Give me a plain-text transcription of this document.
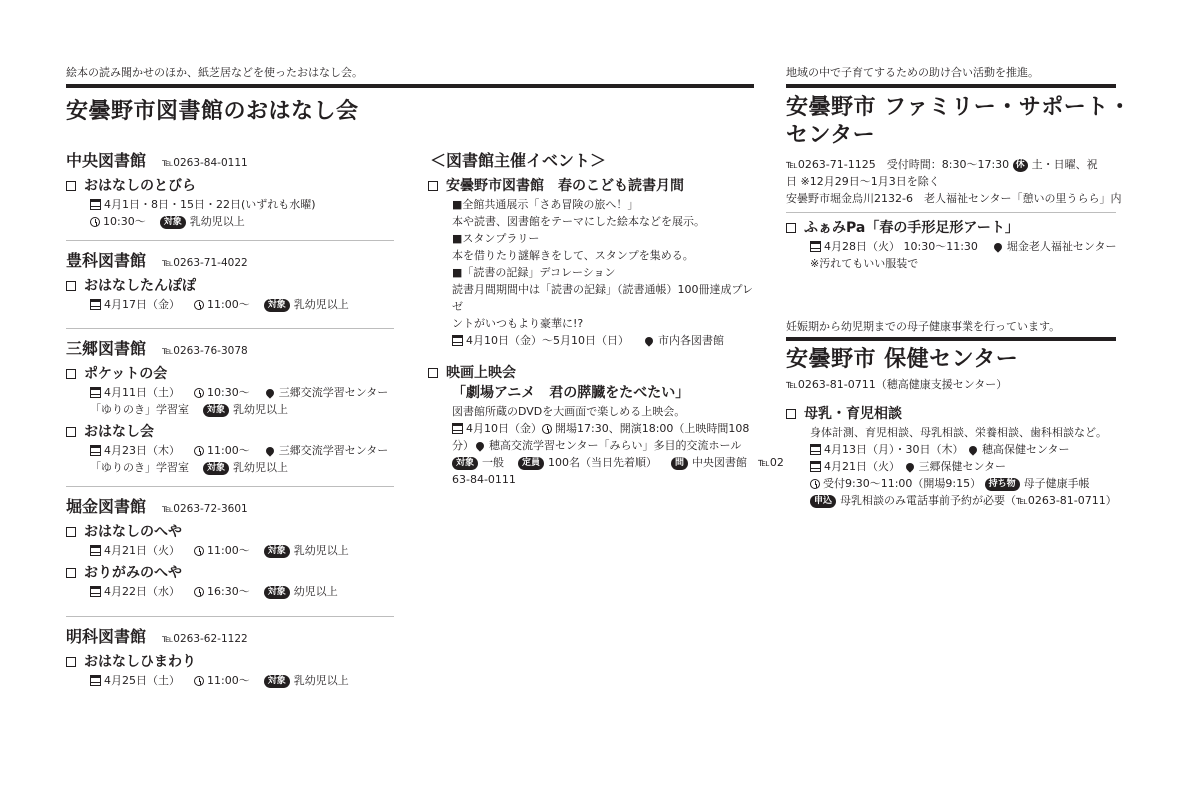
絵本の読み聞かせのほか、紙芝居などを使ったおはなし会。
安曇野市図書館のおはなし会
中央図書館 ℡0263-84-0111
おはなしのとびら
4月1日・8日・15日・22日(いずれも水曜)
10:30～ 対象 乳幼児以上
豊科図書館 ℡0263-71-4022
おはなしたんぽぽ
4月17日（金） 11:00～ 対象 乳幼児以上
三郷図書館 ℡0263-76-3078
ポケットの会
4月11日（土） 10:30～	三郷交流学習センター
「ゆりのき」学習室 対象 乳幼児以上
おはなし会
4月23日（木） 11:00～	三郷交流学習センター
「ゆりのき」学習室 対象 乳幼児以上
堀金図書館 ℡0263-72-3601
おはなしのへや
4月21日（火） 11:00～ 対象 乳幼児以上
おりがみのへや
4月22日（水） 16:30～ 対象 幼児以上
明科図書館 ℡0263-62-1122
おはなしひまわり
4月25日（土） 11:00～ 対象 乳幼児以上
＜図書館主催イベント＞
安曇野市図書館　春のこども読書月間
■全館共通展示「さあ冒険の旅へ！」
本や読書、図書館をテーマにした絵本などを展示。
■スタンプラリー
本を借りたり謎解きをして、スタンプを集める。
■「読書の記録」デコレーション
読書月間期間中は「読書の記録」（読書通帳）100冊達成プレゼ
ントがいつもより豪華に!?
4月10日（金）～5月10日（日）	市内各図書館
映画上映会
「劇場アニメ　君の膵臓をたべたい」
図書館所蔵のDVDを大画面で楽しめる上映会。
4月10日（金） 開場17:30、開演18:00（上映時間108
分） 穂高交流学習センター「みらい」多目的交流ホール
対象 一般 定員 100名（当日先着順） 問 中央図書館　℡02
63-84-0111
地域の中で子育てするための助け合い活動を推進。
安曇野市 ファミリー・サポート・
センター
℡0263-71-1125　受付時間：8:30～17:30 休 土・日曜、祝
日 ※12月29日～1月3日を除く
安曇野市堀金烏川2132-6　老人福祉センター「憩いの里うらら」内
ふぁみPa「春の手形足形アート」
4月28日（火） 10:30～11:30	堀金老人福祉センター
※汚れてもいい服装で
妊娠期から幼児期までの母子健康事業を行っています。
安曇野市 保健センター
℡0263-81-0711（穂高健康支援センター）
母乳・育児相談
身体計測、育児相談、母乳相談、栄養相談、歯科相談など。
4月13日（月）・30日（木） 穂高保健センター
4月21日（火） 三郷保健センター
受付9:30～11:00（開場9:15） 持ち物 母子健康手帳
申込 母乳相談のみ電話事前予約が必要（℡0263-81-0711）
